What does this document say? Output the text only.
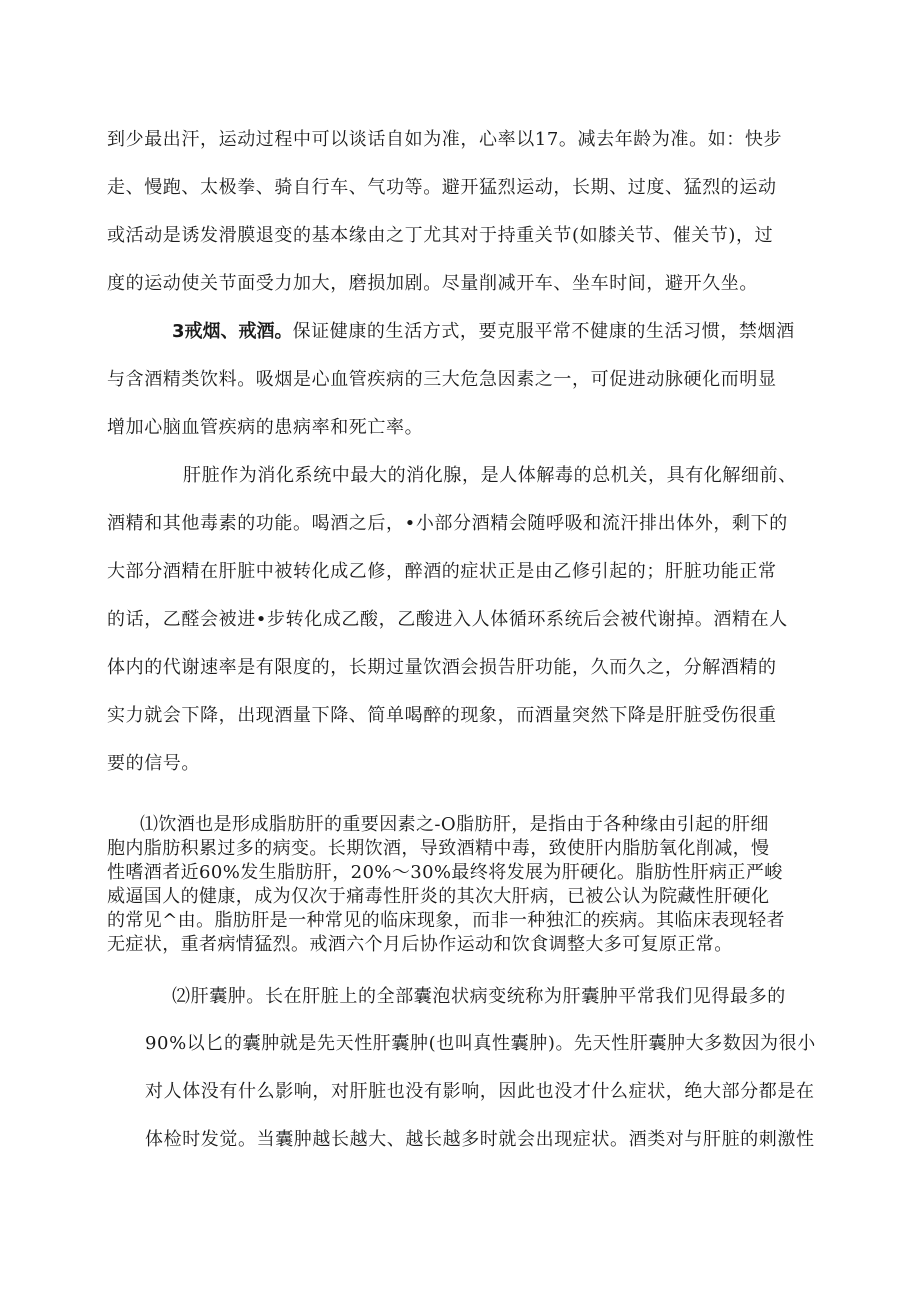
到少最出汗，运动过程中可以谈话自如为准，心率以17。减去年龄为准。如：快步
走、慢跑、太极拳、骑自行车、气功等。避开猛烈运动，长期、过度、猛烈的运动
或活动是诱发滑膜退变的基本缘由之丁尤其对于持重关节(如膝关节、催关节)，过
度的运动使关节面受力加大，磨损加剧。尽量削减开车、坐车时间，避开久坐。
3戒烟、戒酒。保证健康的生活方式，要克服平常不健康的生活习惯，禁烟酒
与含酒精类饮料。吸烟是心血管疾病的三大危急因素之一，可促进动脉硬化而明显
增加心脑血管疾病的患病率和死亡率。
肝脏作为消化系统中最大的消化腺，是人体解毒的总机关，具有化解细前、
酒精和其他毒素的功能。喝酒之后，•小部分酒精会随呼吸和流汗排出体外，剩下的
大部分酒精在肝脏中被转化成乙修，醉酒的症状正是由乙修引起的；肝脏功能正常
的话，乙醛会被进•步转化成乙酸，乙酸进入人体循环系统后会被代谢掉。酒精在人
体内的代谢速率是有限度的，长期过量饮酒会损告肝功能，久而久之，分解酒精的
实力就会下降，出现酒量下降、简单喝醉的现象，而酒量突然下降是肝脏受伤很重
要的信号。
⑴饮酒也是形成脂肪肝的重要因素之-O脂肪肝，是指由于各种缘由引起的肝细
胞内脂肪积累过多的病变。长期饮酒，导致酒精中毒，致使肝内脂肪氧化削减，慢
性嗜酒者近60%发生脂肪肝，20%～30%最终将发展为肝硬化。脂肪性肝病正严峻
威逼国人的健康，成为仅次于痛毒性肝炎的其次大肝病，已被公认为院藏性肝硬化
的常见^由。脂肪肝是一种常见的临床现象，而非一种独汇的疾病。其临床表现轻者
无症状，重者病情猛烈。戒酒六个月后协作运动和饮食调整大多可复原正常。
⑵肝囊肿。长在肝脏上的全部囊泡状病变统称为肝囊肿平常我们见得最多的
90%以匕的囊肿就是先天性肝囊肿(也叫真性囊肿)。先天性肝囊肿大多数因为很小
对人体没有什么影响，对肝脏也没有影响，因此也没才什么症状，绝大部分都是在
体检时发觉。当囊肿越长越大、越长越多时就会出现症状。酒类对与肝脏的刺激性
